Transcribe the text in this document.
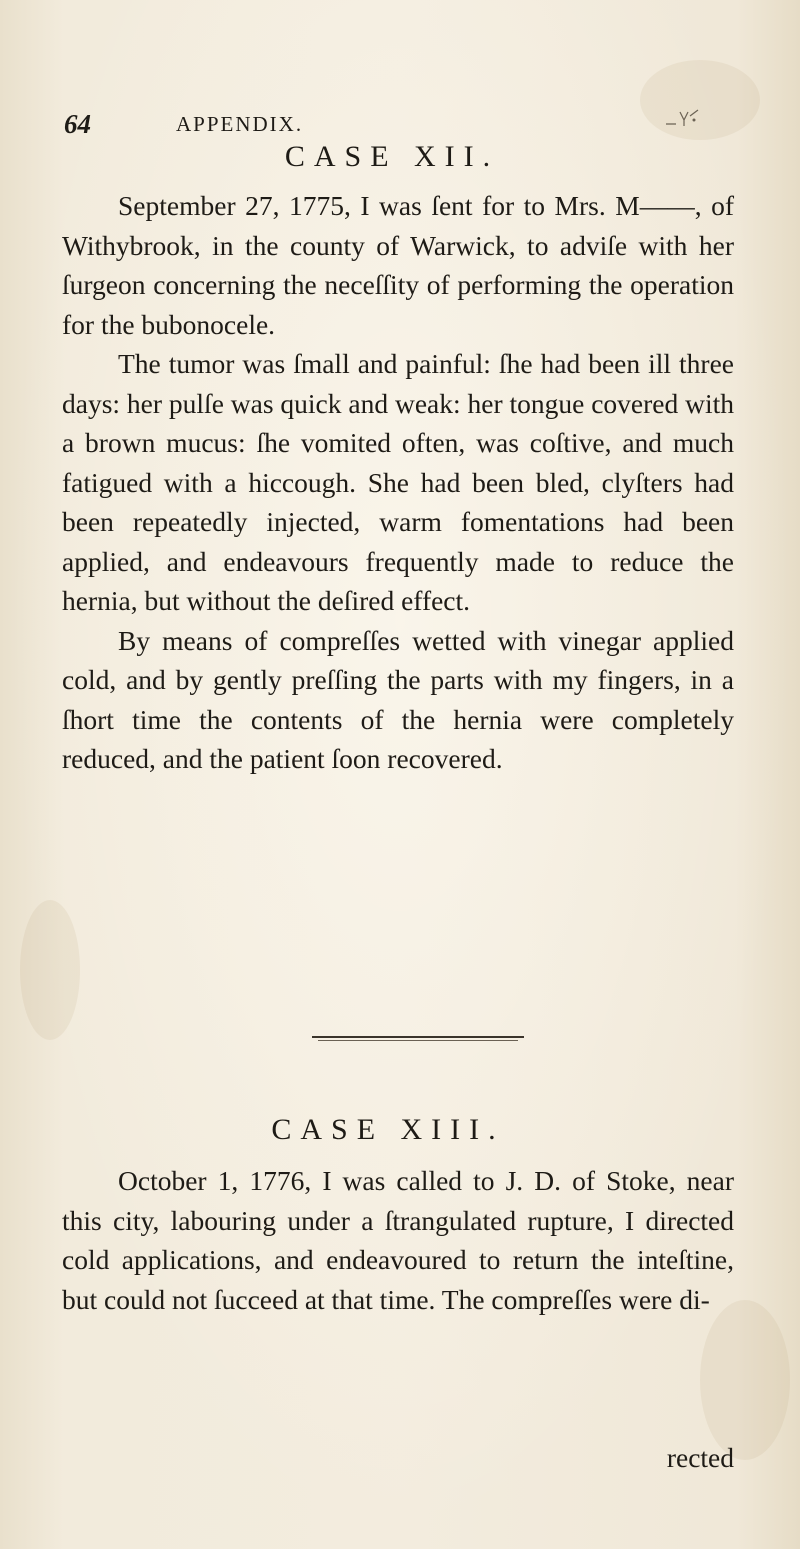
64	APPENDIX.
CASE XII.

September 27, 1775, I was ſent for to Mrs. M——, of Withybrook, in the county of Warwick, to adviſe with her ſurgeon concerning the neceſſity of performing the operation for the bubonocele.

The tumor was ſmall and painful: ſhe had been ill three days: her pulſe was quick and weak: her tongue covered with a brown mucus: ſhe vomited often, was coſtive, and much fatigued with a hiccough. She had been bled, clyſters had been repeatedly injected, warm fomentations had been applied, and endeavours frequently made to reduce the hernia, but without the deſired effect.

By means of compreſſes wetted with vinegar applied cold, and by gently preſſing the parts with my fingers, in a ſhort time the contents of the hernia were completely reduced, and the patient ſoon recovered.

CASE XIII.

October 1, 1776, I was called to J. D. of Stoke, near this city, labouring under a ſtrangulated rupture, I directed cold applications, and endeavoured to return the inteſtine, but could not ſucceed at that time. The compreſſes were di-

rected
